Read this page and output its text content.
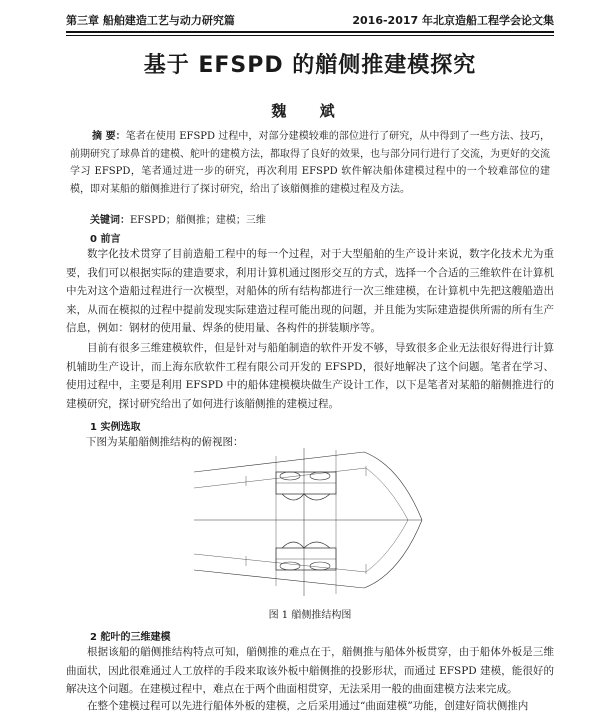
第三章 船舶建造工艺与动力研究篇	2016-2017 年北京造船工程学会论文集
基于 EFSPD 的艏侧推建模探究
魏 斌
摘 要：笔者在使用 EFSPD 过程中，对部分建模较难的部位进行了研究，从中得到了一些方法、技巧，前期研究了球鼻首的建模、舵叶的建模方法，都取得了良好的效果，也与部分同行进行了交流，为更好的交流学习 EFSPD，笔者通过进一步的研究，再次利用 EFSPD 软件解决船体建模过程中的一个较难部位的建模，即对某船的艏侧推进行了探讨研究，给出了该艏侧推的建模过程及方法。
关键词：EFSPD；艏侧推；建模；三维
0 前言
数字化技术贯穿了目前造船工程中的每一个过程，对于大型船舶的生产设计来说，数字化技术尤为重要，我们可以根据实际的建造要求，利用计算机通过图形交互的方式，选择一个合适的三维软件在计算机中先对这个造船过程进行一次模型，对船体的所有结构都进行一次三维建模，在计算机中先把这艘船造出来，从而在模拟的过程中提前发现实际建造过程可能出现的问题，并且能为实际建造提供所需的所有生产信息，例如：钢材的使用量、焊条的使用量、各构件的拼装顺序等。
目前有很多三维建模软件，但是针对与船舶制造的软件开发不够，导致很多企业无法很好得进行计算机辅助生产设计，而上海东欣软件工程有限公司开发的 EFSPD，很好地解决了这个问题。笔者在学习、使用过程中，主要是利用 EFSPD 中的船体建模模块做生产设计工作，以下是笔者对某船的艏侧推进行的建模研究，探讨研究给出了如何进行该艏侧推的建模过程。
1 实例选取
下图为某船艏侧推结构的俯视图：
图 1 艏侧推结构图
2 舵叶的三维建模
根据该船的艏侧推结构特点可知，艏侧推的难点在于，艏侧推与船体外板贯穿，由于船体外板是三维曲面状，因此很难通过人工放样的手段来取该外板中艏侧推的投影形状，而通过 EFSPD 建模，能很好的解决这个问题。在建模过程中，难点在于两个曲面相贯穿，无法采用一般的曲面建模方法来完成。
在整个建模过程可以先进行船体外板的建模，之后采用通过“曲面建模”功能，创建好筒状侧推内
